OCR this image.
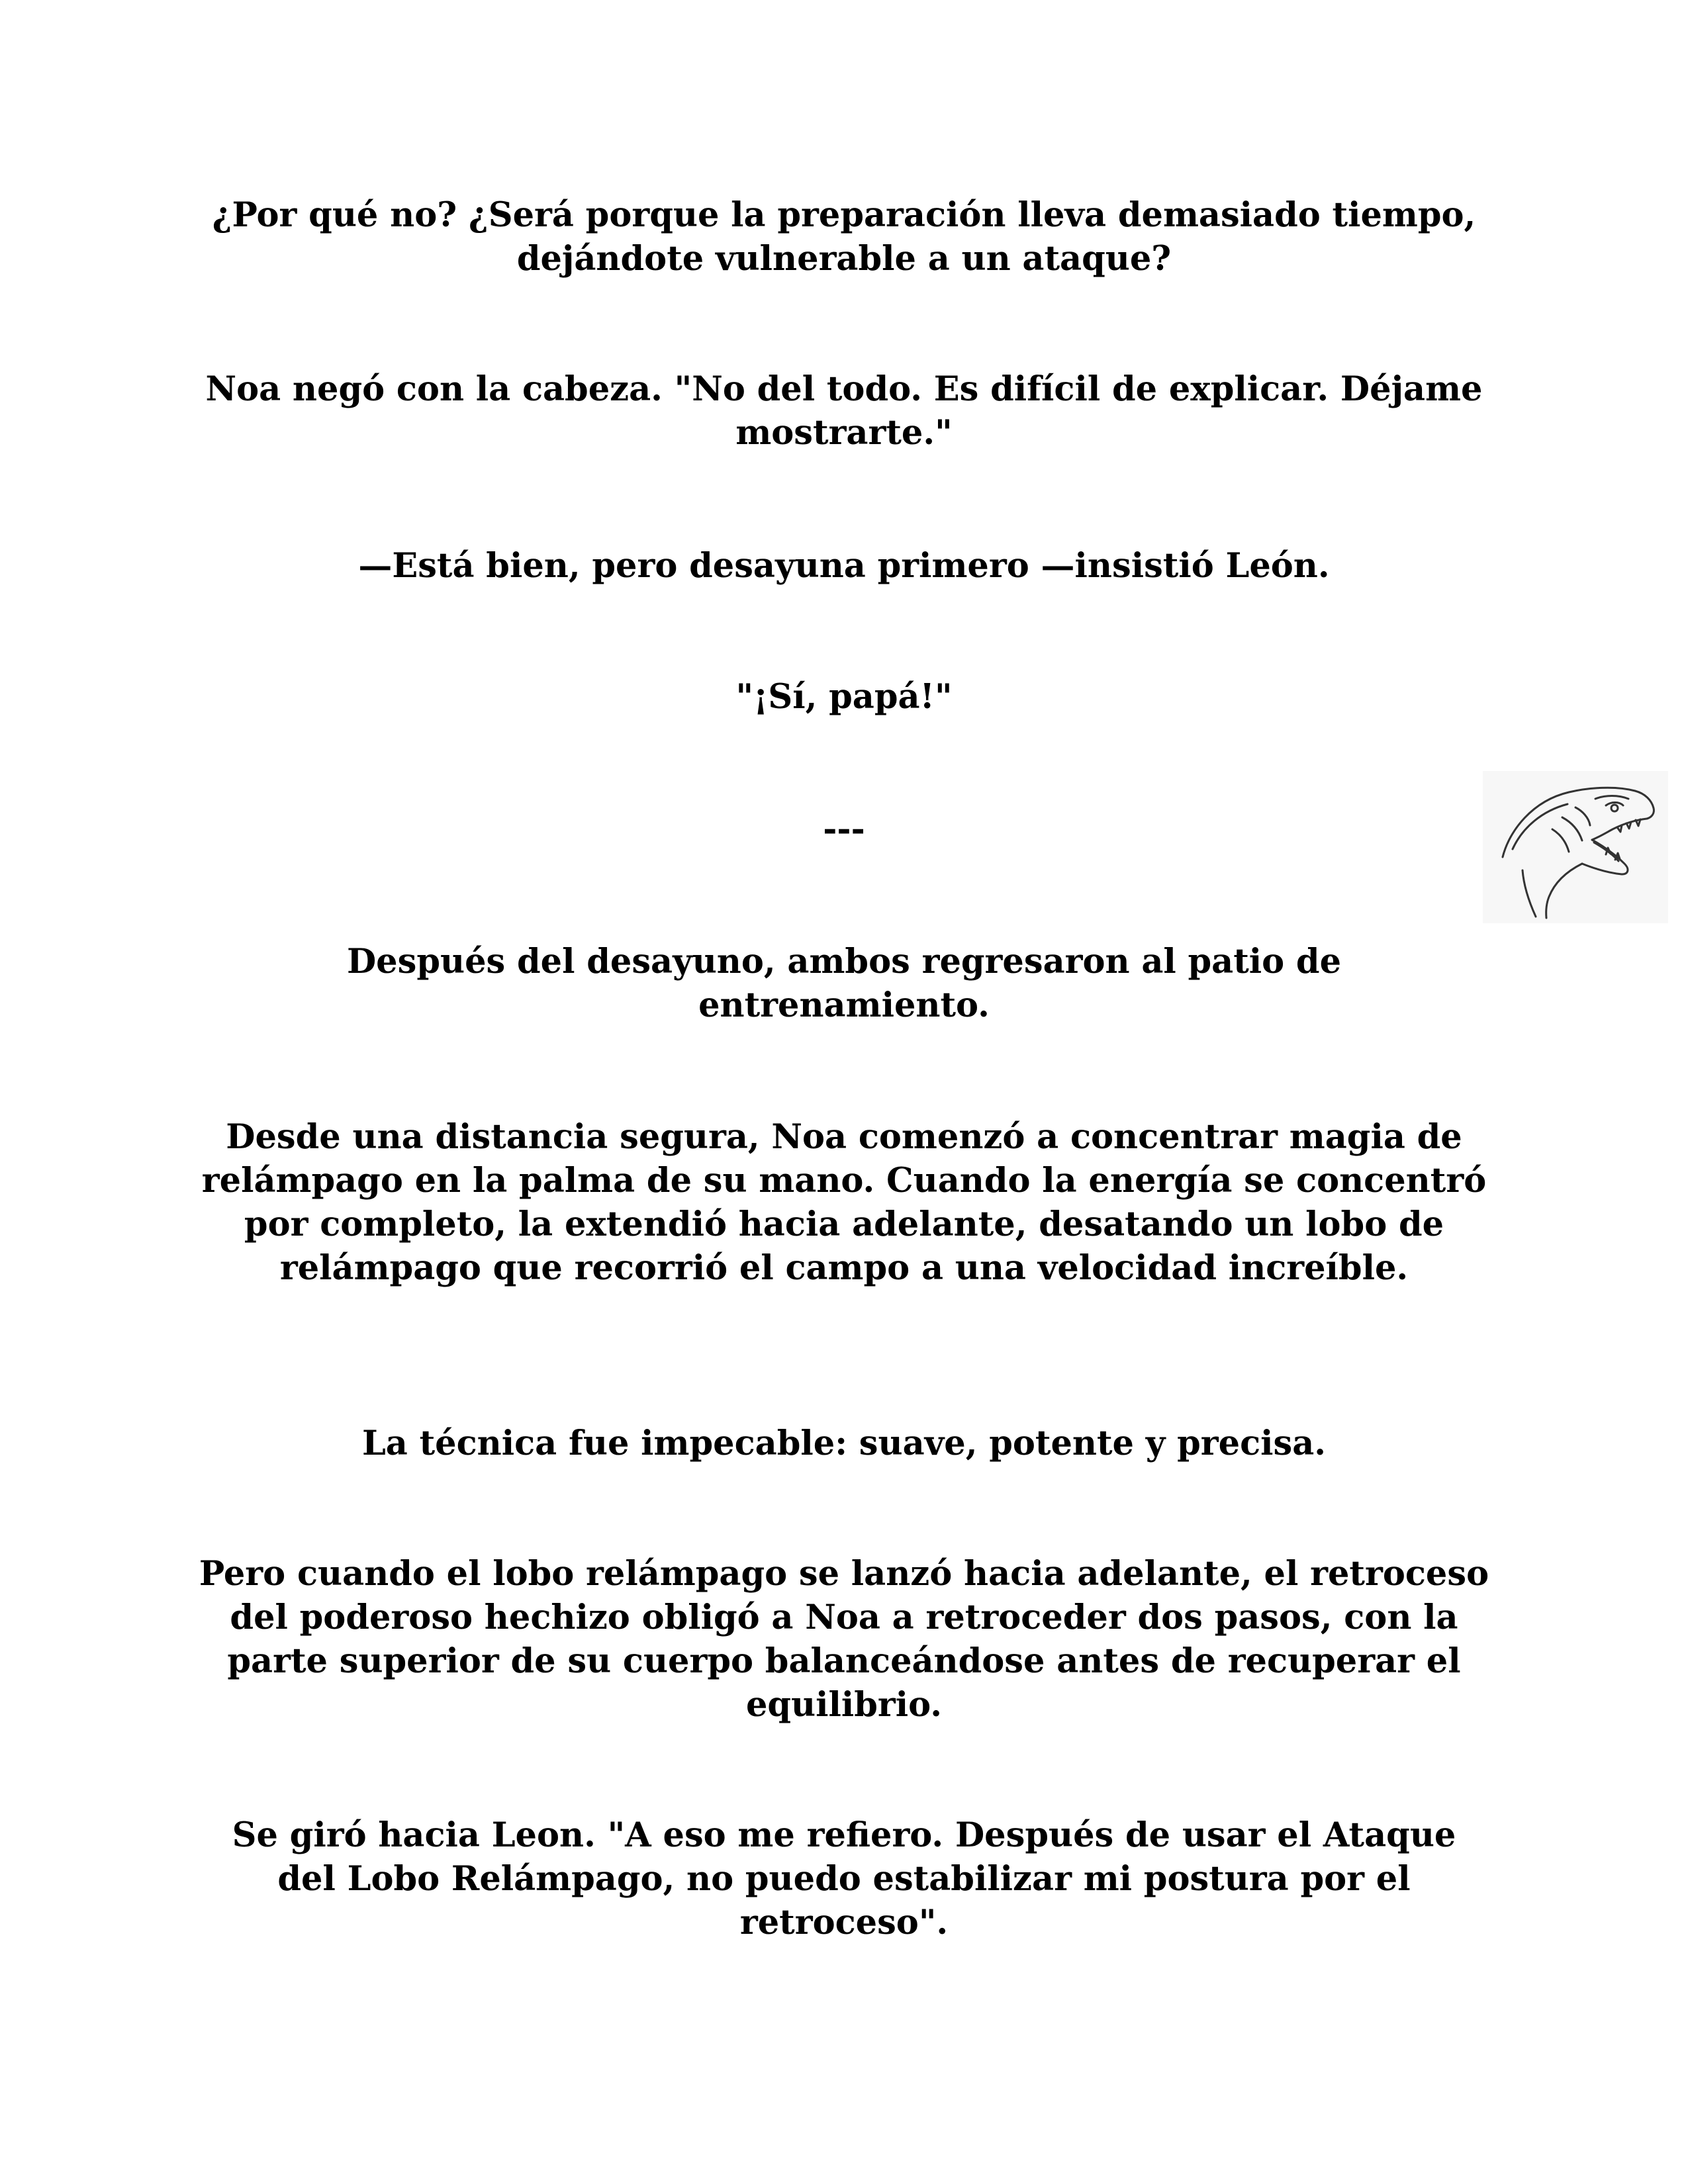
¿Por qué no? ¿Será porque la preparación lleva demasiado tiempo, dejándote vulnerable a un ataque?

Noa negó con la cabeza. "No del todo. Es difícil de explicar. Déjame mostrarte."

—Está bien, pero desayuna primero —insistió León.

"¡Sí, papá!"

---

Después del desayuno, ambos regresaron al patio de entrenamiento.

Desde una distancia segura, Noa comenzó a concentrar magia de relámpago en la palma de su mano. Cuando la energía se concentró por completo, la extendió hacia adelante, desatando un lobo de relámpago que recorrió el campo a una velocidad increíble.

La técnica fue impecable: suave, potente y precisa.

Pero cuando el lobo relámpago se lanzó hacia adelante, el retroceso del poderoso hechizo obligó a Noa a retroceder dos pasos, con la parte superior de su cuerpo balanceándose antes de recuperar el equilibrio.

Se giró hacia Leon. "A eso me refiero. Después de usar el Ataque del Lobo Relámpago, no puedo estabilizar mi postura por el retroceso".
